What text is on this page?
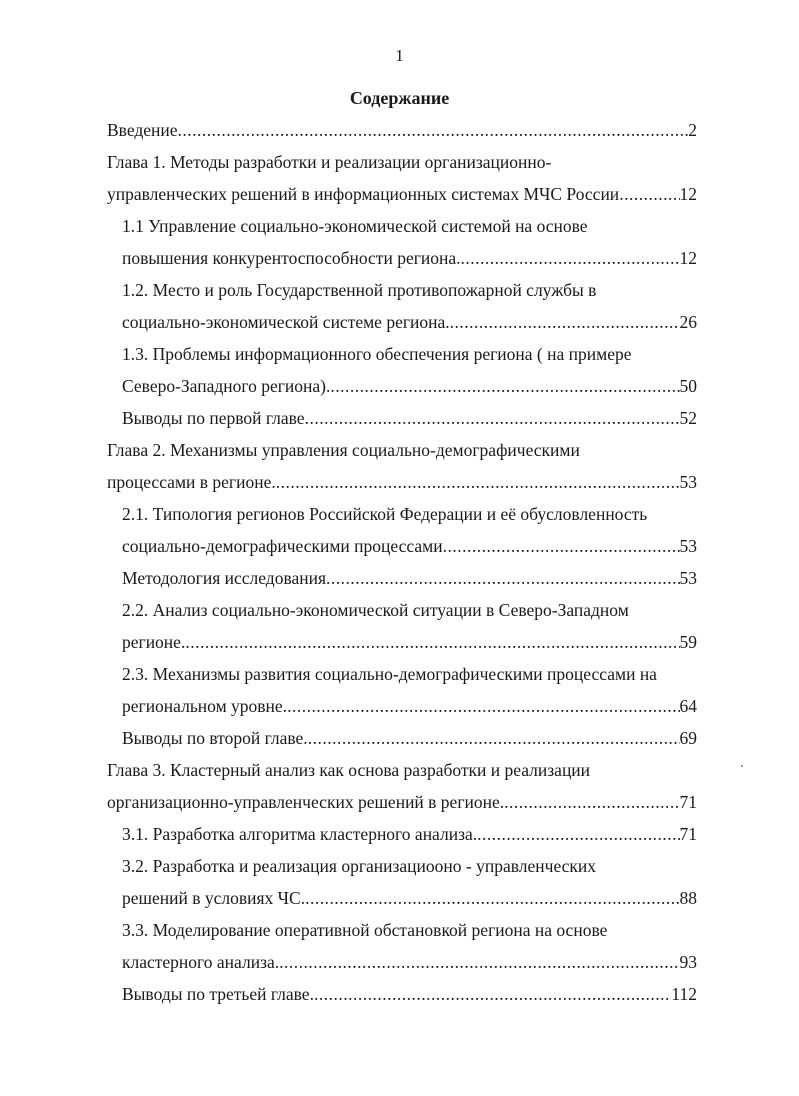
1
Содержание
Введение .....	2
Глава 1. Методы разработки и реализации организационно-
управленческих решений в информационных системах МЧС России .....	12
1.1 Управление социально-экономической системой на основе
повышения конкурентоспособности региона. .....	12
1.2. Место и роль Государственной противопожарной службы в
социально-экономической системе региона. .....	26
1.3. Проблемы информационного обеспечения региона ( на примере
Северо-Западного региона). .....	50
Выводы по первой главе .....	52
Глава 2. Механизмы управления социально-демографическими
процессами в регионе. .....	53
2.1. Типология регионов Российской Федерации и её обусловленность
социально-демографическими процессами .....	53
Методология исследования .....	53
2.2. Анализ социально-экономической ситуации в Северо-Западном
регионе. .....	59
2.3. Механизмы развития социально-демографическими процессами на
региональном уровне. .....	64
Выводы по второй главе. .....	69
Глава 3. Кластерный анализ как основа разработки и реализации
организационно-управленческих решений в регионе. .....	71
3.1. Разработка алгоритма кластерного анализа. .....	71
3.2. Разработка и реализация организациооно - управленческих
решений в условиях ЧС. .....	88
3.3. Моделирование оперативной обстановкой региона на основе
кластерного анализа. .....	93
Выводы по третьей главе. .....	112
